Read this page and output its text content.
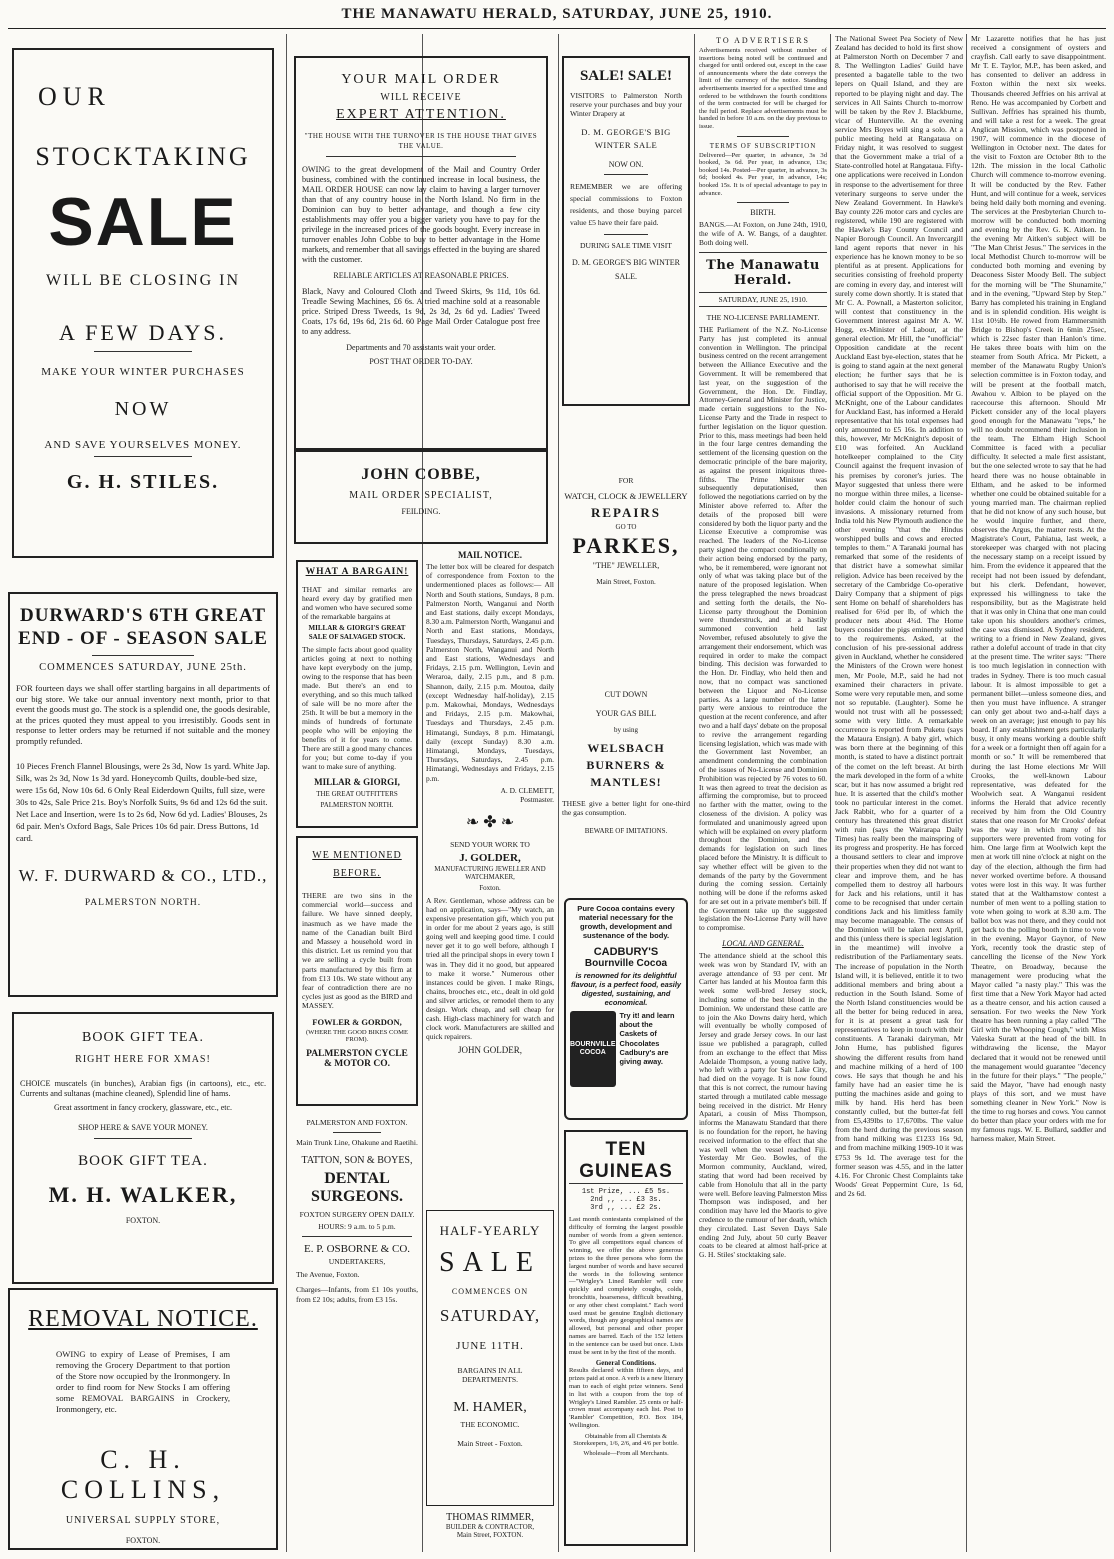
THE MANAWATU HERALD, SATURDAY, JUNE 25, 1910.
OUR
STOCKTAKING
SALE
WILL BE CLOSING IN
A FEW DAYS.
MAKE YOUR WINTER PURCHASES
NOW
AND SAVE YOURSELVES MONEY.
G. H. STILES.
DURWARD'S 6TH GREAT END - OF - SEASON SALE
COMMENCES SATURDAY, JUNE 25th.
FOR fourteen days we shall offer startling bargains in all departments of our big store. We take our annual inventory next month, prior to that event the goods must go. The stock is a splendid one, the goods desirable, at the prices quoted they must appeal to you irresistibly. Goods sent in response to letter orders may be returned if not suitable and the money promptly refunded.
10 Pieces French Flannel Blousings, were 2s 3d, Now 1s yard. White Jap. Silk, was 2s 3d, Now 1s 3d yard. Honeycomb Quilts, double-bed size, were 15s 6d, Now 10s 6d. 6 Only Real Eiderdown Quilts, full size, were 30s to 42s, Sale Price 21s. Boy's Norfolk Suits, 9s 6d and 12s 6d the suit. Net Lace and Insertion, were 1s to 2s 6d, Now 6d yd. Ladies' Blouses, 2s 6d pair. Men's Oxford Bags, Sale Prices 10s 6d pair. Dress Buttons, 1d card.
W. F. DURWARD & CO., LTD.,
PALMERSTON NORTH.
BOOK GIFT TEA.
RIGHT HERE FOR XMAS!
CHOICE muscatels (in bunches), Arabian figs (in cartoons), etc., etc. Currents and sultanas (machine cleaned), Splendid line of hams.
Great assortment in fancy crockery, glassware, etc., etc.
SHOP HERE & SAVE YOUR MONEY.
BOOK GIFT TEA.
M. H. WALKER,
FOXTON.
REMOVAL NOTICE.
OWING to expiry of Lease of Premises, I am removing the Grocery Department to that portion of the Store now occupied by the Ironmongery. In order to find room for New Stocks I am offering some REMOVAL BARGAINS in Crockery, Ironmongery, etc.
C. H. COLLINS,
UNIVERSAL SUPPLY STORE,
FOXTON.
YOUR MAIL ORDER
WILL RECEIVE
EXPERT ATTENTION.
"THE HOUSE WITH THE TURNOVER IS THE HOUSE THAT GIVES THE VALUE.
OWING to the great development of the Mail and Country Order business, combined with the continued increase in local business, the MAIL ORDER HOUSE can now lay claim to having a larger turnover than that of any country house in the North Island. No firm in the Dominion can buy to better advantage, and though a few city establishments may offer you a bigger variety you have to pay for the privilege in the increased prices of the goods bought. Every increase in turnover enables John Cobbe to buy to better advantage in the Home markets, and remember that all savings effected in the buying are shared with the customer.
RELIABLE ARTICLES AT REASONABLE PRICES.
Black, Navy and Coloured Cloth and Tweed Skirts, 9s 11d, 10s 6d. Treadle Sewing Machines, £6 6s. A tried machine sold at a reasonable price. Striped Dress Tweeds, 1s 9d, 2s 3d, 2s 6d yd. Ladies' Tweed Coats, 17s 6d, 19s 6d, 21s 6d. 60 Page Mail Order Catalogue post free to any address.
Departments and 70 assistants wait your order.
POST THAT ORDER TO-DAY.
JOHN COBBE,
MAIL ORDER SPECIALIST,
FEILDING.
WHAT A BARGAIN!
THAT and similar remarks are heard every day by gratified men and women who have secured some of the remarkable bargains at
MILLAR & GIORGI'S GREAT SALE OF SALVAGED STOCK.
The simple facts about good quality articles going at next to nothing have kept everybody on the jump, owing to the response that has been made. But there's an end to everything, and so this much talked of sale will be no more after the 25th. It will be but a memory in the minds of hundreds of fortunate people who will be enjoying the benefits of it for years to come. There are still a good many chances for you; but come to-day if you want to make sure of anything.
MILLAR & GIORGI,
THE GREAT OUTFITTERS
PALMERSTON NORTH.
WE MENTIONED BEFORE.
THERE are two sins in the commercial world—success and failure. We have sinned deeply, inasmuch as we have made the name of the Canadian built Bird and Massey a household word in this district. Let us remind you that we are selling a cycle built from parts manufactured by this firm at from £13 10s. We state without any fear of contradiction there are no cycles just as good as the BIRD and MASSEY.
FOWLER & GORDON,
(WHERE THE GOOD BIKES COME FROM).
PALMERSTON CYCLE & MOTOR CO.
PALMERSTON AND FOXTON.
Main Trunk Line, Ohakune and Raetihi.
TATTON, SON & BOYES,
DENTAL SURGEONS.
FOXTON SURGERY OPEN DAILY.
HOURS: 9 a.m. to 5 p.m.
E. P. OSBORNE & CO.
UNDERTAKERS,
The Avenue, Foxton.
Charges—Infants, from £1 10s youths, from £2 10s; adults, from £3 15s.
MAIL NOTICE.
The letter box will be cleared for despatch of correspondence from Foxton to the undermentioned places as follows:— All North and South stations, Sundays, 8 p.m. Palmerston North, Wanganui and North and East stations, daily except Mondays, 8.30 a.m. Palmerston North, Wanganui and North and East stations, Mondays, Tuesdays, Thursdays, Saturdays, 2.45 p.m. Palmerston North, Wanganui and North and East stations, Wednesdays and Fridays, 2.15 p.m. Wellington, Levin and Weraroa, daily, 2.15 p.m., and 8 p.m. Shannon, daily, 2.15 p.m. Moutoa, daily (except Wednesday half-holiday), 2.15 p.m. Makowhai, Mondays, Wednesdays and Fridays, 2.15 p.m. Makowhai, Tuesdays and Thursdays, 2.45 p.m. Himatangi, Sundays, 8 p.m. Himatangi, daily (except Sunday) 8.30 a.m. Himatangi, Mondays, Tuesdays, Thursdays, Saturdays, 2.45 p.m. Himatangi, Wednesdays and Fridays, 2.15 p.m.
A. D. CLEMETT,
Postmaster.
❧ ✤ ❧
SEND YOUR WORK TO
J. GOLDER,
MANUFACTURING JEWELLER AND WATCHMAKER,
Foxton.
A Rev. Gentleman, whose address can be had on application, says—"My watch, an expensive presentation gift, which you put in order for me about 2 years ago, is still going well and keeping good time. I could never get it to go well before, although I tried all the principal shops in every town I was in. They did it no good, but appeared to make it worse." Numerous other instances could be given. I make Rings, chains, brooches etc., etc., dealt in old gold and silver articles, or remodel them to any design. Work cheap, and sell cheap for cash. High-class machinery for watch and clock work. Manufacturers are skilled and quick repairers.
JOHN GOLDER,
HALF-YEARLY
SALE
COMMENCES ON
SATURDAY,
JUNE 11TH.
BARGAINS IN ALL DEPARTMENTS.
M. HAMER,
THE ECONOMIC.
Main Street - Foxton.
THOMAS RIMMER,
BUILDER & CONTRACTOR,
Main Street, FOXTON.
SALE! SALE!
VISITORS to Palmerston North reserve your purchases and buy your Winter Drapery at
D. M. GEORGE'S BIG WINTER SALE
NOW ON.
REMEMBER we are offering special commissions to Foxton residents, and those buying parcel value £5 have their fare paid.
DURING SALE TIME VISIT
D. M. GEORGE'S BIG WINTER SALE.
FOR
WATCH, CLOCK & JEWELLERY
REPAIRS
GO TO
PARKES,
"THE" JEWELLER,
Main Street, Foxton.
CUT DOWN
YOUR GAS BILL
by using
WELSBACH BURNERS & MANTLES!
THESE give a better light for one-third the gas consumption.
BEWARE OF IMITATIONS.
Pure Cocoa contains every material necessary for the growth, development and sustenance of the body.
CADBURY'S
Bournville Cocoa
is renowned for its delightful flavour, is a perfect food, easily digested, sustaining, and economical.
BOURNVILLE COCOA
Try it! and learn about the Caskets of Chocolates Cadbury's are giving away.
TEN GUINEAS
1st Prize, ... £5 5s.
2nd ,, ... £3 3s.
3rd ,, ... £2 2s.
Last month contestants complained of the difficulty of forming the largest possible number of words from a given sentence. To give all competitors equal chances of winning, we offer the above generous prizes to the three persons who form the largest number of words and have secured the words in the following sentence—"Wrigley's Lined Rambler will cure quickly and completely coughs, colds, bronchitis, hoarseness, difficult breathing, or any other chest complaint." Each word used must be genuine English dictionary words, though any geographical names are allowed, but personal and other proper names are barred. Each of the 152 letters in the sentence can be used but once. Lists must be sent in by the first of the month.
General Conditions.
Results declared within fifteen days, and prizes paid at once. A verb is a new literary man to each of eight prize winners. Send in list with a coupon from the top of Wrigley's Lined Rambler. 25 cents or half-crown must accompany each list. Post to 'Rambler' Competition, P.O. Box 184, Wellington.
Obtainable from all Chemists & Storekeepers, 1/6, 2/6, and 4/6 per bottle.
Wholesale—From all Merchants.
TO ADVERTISERS
Advertisements received without number of insertions being noted will be continued and charged for until ordered out, except in the case of announcements where the date conveys the limit of the currency of the notice. Standing advertisements inserted for a specified time and ordered to be withdrawn the fourth conditions of the term contracted for will be charged for the full period. Replace advertisements must be handed in before 10 a.m. on the day previous to issue.
TERMS OF SUBSCRIPTION
Delivered—Per quarter, in advance, 3s 3d booked, 3s 6d. Per year, in advance, 13s; booked 14s. Posted—Per quarter, in advance, 3s 6d; booked 4s. Per year, in advance, 14s; booked 15s. It is of special advantage to pay in advance.
BIRTH.
BANGS.—At Foxton, on June 24th, 1910, the wife of A. W. Bangs, of a daughter. Both doing well.
The Manawatu Herald.
SATURDAY, JUNE 25, 1910.
THE NO-LICENSE PARLIAMENT.
THE Parliament of the N.Z. No-License Party has just completed its annual convention in Wellington. The principal business centred on the recent arrangement between the Alliance Executive and the Government. It will be remembered that last year, on the suggestion of the Government, the Hon. Dr. Findlay, Attorney-General and Minister for Justice, made certain suggestions to the No-License Party and the Trade in respect to further legislation on the liquor question. Prior to this, mass meetings had been held in the four large centres demanding the settlement of the licensing question on the democratic principle of the bare majority, as against the present iniquitous three-fifths. The Prime Minister was subsequently deputationised, then followed the negotiations carried on by the Minister above referred to. After the details of the proposed bill were considered by both the liquor party and the License Executive a compromise was reached. The leaders of the No-License party signed the compact conditionally on their action being endorsed by the party, who, be it remembered, were ignorant not only of what was taking place but of the nature of the proposed legislation. When the press telegraphed the news broadcast and setting forth the details, the No-License party throughout the Dominion were thunderstruck, and at a hastily summoned convention held last November, refused absolutely to give the arrangement their endorsement, which was required in order to make the compact binding. This decision was forwarded to the Hon. Dr. Findlay, who held then and now, that no compact was sanctioned between the Liquor and No-License parties. As a large number of the latter party were anxious to reintroduce the question at the recent conference, and after two and a half days' debate on the proposal to revive the arrangement regarding licensing legislation, which was made with the Government last November, an amendment condemning the combination of the issues of No-License and Dominion Prohibition was rejected by 76 votes to 60. It was then agreed to treat the decision as affirming the compromise, but to proceed no farther with the matter, owing to the closeness of the division. A policy was formulated and unanimously agreed upon which will be explained on every platform throughout the Dominion, and the demands for legislation on such lines placed before the Ministry. It is difficult to say whether effect will be given to the demands of the party by the Government during the coming session. Certainly nothing will be done if the reforms asked for are set out in a private member's bill. If the Government take up the suggested legislation the No-License Party will have to compromise.
LOCAL AND GENERAL.
The attendance shield at the school this week was won by Standard IV, with an average attendance of 93 per cent. Mr Carter has landed at his Moutoa farm this week some well-bred Jersey stock, including some of the best blood in the Dominion. We understand these cattle are to join the Ako Downs dairy herd, which will eventually be wholly composed of Jersey and grade Jersey cows. In our last issue we published a paragraph, culled from an exchange to the effect that Miss Adelaide Thompson, a young native lady, who left with a party for Salt Lake City, had died on the voyage. It is now found that this is not correct, the rumour having started through a mutilated cable message being received in the district. Mr Henry Apatari, a cousin of Miss Thompson, informs the Manawatu Standard that there is no foundation for the report, he having received information to the effect that she was well when the vessel reached Fiji. Yesterday Mr Geo. Bowles, of the Mormon community, Auckland, wired, stating that word had been received by cable from Honolulu that all in the party were well. Before leaving Palmerston Miss Thompson was indisposed, and her condition may have led the Maoris to give credence to the rumour of her death, which they circulated. Last Seven Days Sale ending 2nd July, about 50 curly Beaver coats to be cleared at almost half-price at G. H. Stiles' stocktaking sale.
The National Sweet Pea Society of New Zealand has decided to hold its first show at Palmerston North on December 7 and 8. The Wellington Ladies' Guild have presented a bagatelle table to the two lepers on Quail Island, and they are reported to be playing night and day. The services in All Saints Church to-morrow will be taken by the Rev J. Blackburne, vicar of Hunterville. At the evening service Mrs Boyes will sing a solo. At a public meeting held at Rangataua on Friday night, it was resolved to suggest that the Government make a trial of a State-controlled hotel at Rangataua. Fifty-one applications were received in London in response to the advertisement for three veterinary surgeons to serve under the New Zealand Government. In Hawke's Bay county 226 motor cars and cycles are registered, while 190 are registered with the Hawke's Bay County Council and Napier Borough Council. An Invercargill land agent reports that never in his experience has he known money to be so plentiful as at present. Applications for securities consisting of freehold property are coming in every day, and interest will surely come down shortly. It is stated that Mr C. A. Pownall, a Masterton solicitor, will contest that constituency in the Government interest against Mr A. W. Hogg, ex-Minister of Labour, at the general election. Mr Hill, the "unofficial" Opposition candidate at the recent Auckland East bye-election, states that he is going to stand again at the next general election; he further says that he is authorised to say that he will receive the official support of the Opposition. Mr G. McKnight, one of the Labour candidates for Auckland East, has informed a Herald representative that his total expenses had only amounted to £5 16s. In addition to this, however, Mr McKnight's deposit of £10 was forfeited. An Auckland hotelkeeper complained to the City Council against the frequent invasion of his premises by coroner's juries. The Mayor suggested that unless there were no morgue within three miles, a license-holder could claim the honour of such invasions. A missionary returned from India told his New Plymouth audience the other evening "that the Hindus worshipped bulls and cows and erected temples to them." A Taranaki journal has remarked that some of the residents of that district have a somewhat similar religion. Advice has been received by the secretary of the Cambridge Co-operative Dairy Company that a shipment of pigs sent Home on behalf of shareholders has realised for 6½d per lb, of which the producer nets about 4¾d. The Home buyers consider the pigs eminently suited to the requirements. Asked, at the conclusion of his pre-sessional address given in Auckland, whether he considered the Ministers of the Crown were honest men, Mr Poole, M.P., said he had not examined their characters in private. Some were very reputable men, and some not so reputable. (Laughter). Some he would not trust with all he possessed; some with very little. A remarkable occurrence is reported from Puketu (says the Mataura Ensign). A baby girl, which was born there at the beginning of this month, is stated to have a distinct portrait of the comet on the left breast. At birth the mark developed in the form of a white scar, but it has now assumed a bright red hue. It is asserted that the child's mother took no particular interest in the comet. Jack Rabbit, who for a quarter of a century has threatened this great district with ruin (says the Wairarapa Daily Times) has really been the mainspring of its progress and prosperity. He has forced a thousand settlers to clear and improve their properties when they did not want to clear and improve them, and he has compelled them to destroy all harbours for Jack and his relations, until it has come to be recognised that under certain conditions Jack and his limitless family may become manageable. The census of the Dominion will be taken next April, and this (unless there is special legislation in the meantime) will involve a redistribution of the Parliamentary seats. The increase of population in the North Island will, it is believed, entitle it to two additional members and bring about a reduction in the South Island. Some of the North Island constituencies would be all the better for being reduced in area, for it is at present a great task for representatives to keep in touch with their constituents. A Taranaki dairyman, Mr John Hume, has published figures showing the different results from hand and machine milking of a herd of 100 cows. He says that though he and his family have had an easier time he is putting the machines aside and going to milk by hand. His herd has been constantly culled, but the butter-fat fell from £5,439lbs to 17,670lbs. The value from the herd during the previous season from hand milking was £1233 16s 9d, and from machine milking 1909-10 it was £753 9s 1d. The average test for the former season was 4.55, and in the latter 4.16. For Chronic Chest Complaints take Woods' Great Peppermint Cure, 1s 6d, and 2s 6d.
Mr Lazarette notifies that he has just received a consignment of oysters and crayfish. Call early to save disappointment. Mr T. E. Taylor, M.P., has been asked, and has consented to deliver an address in Foxton within the next six weeks. Thousands cheered Jeffries on his arrival at Reno. He was accompanied by Corbett and Sullivan. Jeffries has sprained his thumb, and will take a rest for a week. The great Anglican Mission, which was postponed in 1907, will commence in the diocese of Wellington in October next. The dates for the visit to Foxton are October 8th to the 12th. The mission in the local Catholic Church will commence to-morrow evening. It will be conducted by the Rev. Father Hunt, and will continue for a week, services being held daily both morning and evening. The services at the Presbyterian Church to-morrow will be conducted both morning and evening by the Rev. G. K. Aitken. In the evening Mr Aitken's subject will be "The Man Christ Jesus." The services in the local Methodist Church to-morrow will be conducted both morning and evening by Deaconess Sister Moody Bell. The subject for the morning will be "The Shunamite," and in the evening, "Upward Step by Step." Barry has completed his training in England and is in splendid condition. His weight is 11st 10½lb. He rowed from Hammersmith Bridge to Bishop's Creek in 6min 25sec, which is 22sec faster than Hanlon's time. He takes three boats with him on the steamer from South Africa. Mr Pickett, a member of the Manawatu Rugby Union's selection committee is in Foxton today, and will be present at the football match, Awahou v. Albion to be played on the racecourse this afternoon. Should Mr Pickett consider any of the local players good enough for the Manawatu "reps," he will no doubt recommend their inclusion in the team. The Eltham High School Committee is faced with a peculiar difficulty. It selected a male first assistant, but the one selected wrote to say that he had heard there was no house obtainable in Eltham, and he asked to be informed whether one could be obtained suitable for a young married man. The chairman replied that he did not know of any such house, but he would inquire further, and there, observes the Argus, the matter rests. At the Magistrate's Court, Pahiatua, last week, a storekeeper was charged with not placing the necessary stamp on a receipt issued by him. From the evidence it appeared that the receipt had not been issued by defendant, but his clerk. Defendant, however, expressed his willingness to take the responsibility, but as the Magistrate held that it was only in China that one man could take upon his shoulders another's crimes, the case was dismissed. A Sydney resident, writing to a friend in New Zealand, gives rather a doleful account of trade in that city at the present time. The writer says: "There is too much legislation in connection with trades in Sydney. There is too much casual labour. It is almost impossible to get a permanent billet—unless someone dies, and then you must have influence. A stranger can only get about two and-a-half days a week on an average; just enough to pay his board. If any establishment gets particularly busy, it only means working a double shift for a week or a fortnight then off again for a month or so." It will be remembered that during the last Home elections Mr Will Crooks, the well-known Labour representative, was defeated for the Woolwich seat. A Wanganui resident informs the Herald that advice recently received by him from the Old Country states that one reason for Mr Crooks' defeat was the way in which many of his supporters were prevented from voting for him. One large firm at Woolwich kept the men at work till nine o'clock at night on the day of the election, although the firm had never worked overtime before. A thousand votes were lost in this way. It was further stated that at the Walthamstow contest a number of men went to a polling station to vote when going to work at 8.30 a.m. The ballot box was not there, and they could not get back to the polling booth in time to vote in the evening. Mayor Gaynor, of New York, recently took the drastic step of cancelling the license of the New York Theatre, on Broadway, because the management were producing what the Mayor called "a nasty play." This was the first time that a New York Mayor had acted as a theatre censor, and his action caused a sensation. For two weeks the New York theatre has been running a play called "The Girl with the Whooping Cough," with Miss Valeska Suratt at the head of the bill. In withdrawing the license, the Mayor declared that it would not be renewed until the management would guarantee "decency in the future for their plays." "The people," said the Mayor, "have had enough nasty plays of this sort, and we must have something cleaner in New York." Now is the time to rug horses and cows. You cannot do better than place your orders with me for my famous rugs. W. E. Bullard, saddler and harness maker, Main Street.
